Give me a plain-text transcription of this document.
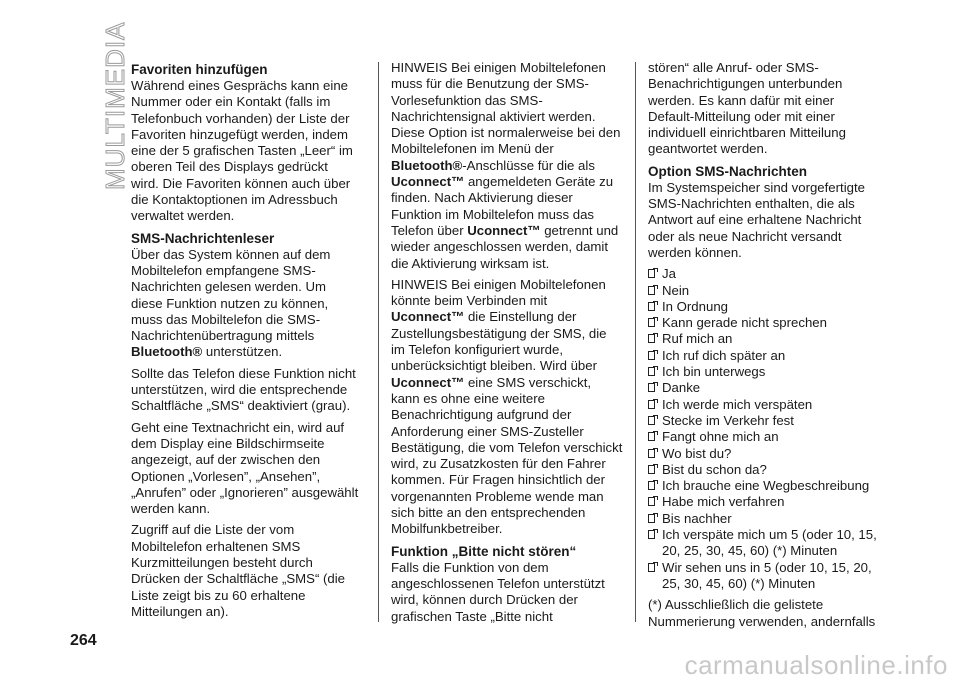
MULTIMEDIA Favoriten hinzufügen

Während eines Gesprächs kann eine Nummer oder ein Kontakt (falls im Telefonbuch vorhanden) der Liste der Favoriten hinzugefügt werden, indem eine der 5 grafischen Tasten „Leer“ im oberen Teil des Displays gedrückt wird. Die Favoriten können auch über die Kontaktoptionen im Adressbuch verwaltet werden.

SMS-Nachrichtenleser

Über das System können auf dem Mobiltelefon empfangene SMS-Nachrichten gelesen werden. Um diese Funktion nutzen zu können, muss das Mobiltelefon die SMS-Nachrichtenübertragung mittels Bluetooth® unterstützen.

Sollte das Telefon diese Funktion nicht unterstützen, wird die entsprechende Schaltfläche „SMS“ deaktiviert (grau).

Geht eine Textnachricht ein, wird auf dem Display eine Bildschirmseite angezeigt, auf der zwischen den Optionen „Vorlesen”, „Ansehen”, „Anrufen” oder „Ignorieren” ausgewählt werden kann.

Zugriff auf die Liste der vom Mobiltelefon erhaltenen SMS Kurzmitteilungen besteht durch Drücken der Schaltfläche „SMS“ (die Liste zeigt bis zu 60 erhaltene Mitteilungen an).

HINWEIS Bei einigen Mobiltelefonen muss für die Benutzung der SMS-Vorlesefunktion das SMS-Nachrichtensignal aktiviert werden. Diese Option ist normalerweise bei den Mobiltelefonen im Menü der Bluetooth®-Anschlüsse für die als Uconnect™ angemeldeten Geräte zu finden. Nach Aktivierung dieser Funktion im Mobiltelefon muss das Telefon über Uconnect™ getrennt und wieder angeschlossen werden, damit die Aktivierung wirksam ist.

HINWEIS Bei einigen Mobiltelefonen könnte beim Verbinden mit Uconnect™ die Einstellung der Zustellungsbestätigung der SMS, die im Telefon konfiguriert wurde, unberücksichtigt bleiben. Wird über Uconnect™ eine SMS verschickt, kann es ohne eine weitere Benachrichtigung aufgrund der Anforderung einer SMS-Zusteller Bestätigung, die vom Telefon verschickt wird, zu Zusatzkosten für den Fahrer kommen. Für Fragen hinsichtlich der vorgenannten Probleme wende man sich bitte an den entsprechenden Mobilfunkbetreiber.

Funktion „Bitte nicht stören“

Falls die Funktion von dem angeschlossenen Telefon unterstützt wird, können durch Drücken der grafischen Taste „Bitte nicht

stören“ alle Anruf- oder SMS-Benachrichtigungen unterbunden werden. Es kann dafür mit einer Default-Mitteilung oder mit einer individuell einrichtbaren Mitteilung geantwortet werden.

Option SMS-Nachrichten

Im Systemspeicher sind vorgefertigte SMS-Nachrichten enthalten, die als Antwort auf eine erhaltene Nachricht oder als neue Nachricht versandt werden können.

Ja
Nein
In Ordnung
Kann gerade nicht sprechen
Ruf mich an
Ich ruf dich später an
Ich bin unterwegs
Danke
Ich werde mich verspäten
Stecke im Verkehr fest
Fangt ohne mich an
Wo bist du?
Bist du schon da?
Ich brauche eine Wegbeschreibung
Habe mich verfahren
Bis nachher
Ich verspäte mich um 5 (oder 10, 15, 20, 25, 30, 45, 60) (*) Minuten
Wir sehen uns in 5 (oder 10, 15, 20, 25, 30, 45, 60) (*) Minuten

(*) Ausschließlich die gelistete Nummerierung verwenden, andernfalls

264
carmanualsonline.info
